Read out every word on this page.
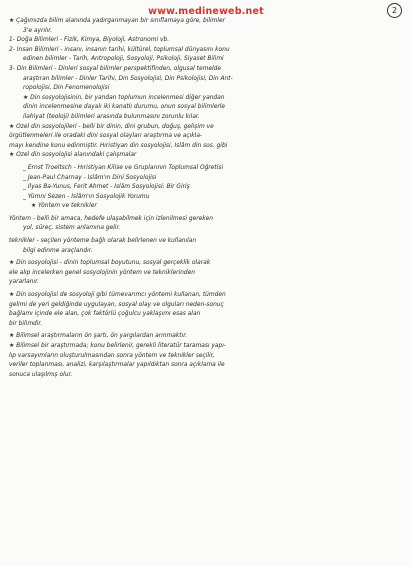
www.medineweb.net	2
★ Çağımızda bilim alanında yadırganmayan bir sınıflamaya göre, bilimler
3'e ayrılır.
1- Doğa Bilimleri - Fizik, Kimya, Biyoloji, Astronomi vb.
2- İnsan Bilimleri - insanı, insanın tarihi, kültürel, toplumsal dünyasını konu
edinen bilimler - Tarih, Antropoloji, Sosyoloji, Psikoloji, Siyaset Bilimi
3- Din Bilimleri - Dinleri sosyal bilimler perspektifinden, olgusal temelde
araştıran bilimler - Dinler Tarihi, Din Sosyolojisi, Din Psikolojisi, Din Ant-
ropolojisi, Din Fenomenolojisi
★ Din sosyolojisinin, bir yandan toplumun incelenmesi diğer yandan
dinin incelenmesine dayalı iki kanatlı durumu, onun sosyal bilimlerle
ilahiyat (teoloji) bilimleri arasında bulunmasını zorunlu kılar.
★ Özel din sosyolojileri - belli bir dinin, dini grubun, doğuş, gelişim ve
örgütlenmeleri ile oradaki dini sosyal olayları araştırma ve açıkla-
mayı kendine konu edinmiştir. Hıristiyan din sosyolojisi, İslâm din sos. gibi
★ Özel din sosyolojisi alanındaki çalışmalar
_ Ernst Troeltsch - Hıristiyan Kilise ve Gruplarının Toplumsal Öğretisi
_ Jean-Paul Charnay - İslâm'ın Dini Sosyolojisi
_ Ilyas Ba-Yunus, Ferit Ahmet - İslâm Sosyolojisi: Bir Giriş
_ Yümni Sezen - İslâm'ın Sosyolojik Yorumu
★ Yöntem ve teknikler
Yöntem - belli bir amaca, hedefe ulaşabilmek için izlenilmesi gereken
yol, süreç, sistem anlamına gelir.
teknikler - seçilen yönteme bağlı olarak belirlenen ve kullanılan
bilgi edinme araçlarıdır.
★ Din sosyolojisi - dinin toplumsal boyutunu, sosyal gerçeklik olarak
ele alıp incelerken genel sosyolojinin yöntem ve tekniklerinden
yararlanır.
★ Din sosyolojisi de sosyoloji gibi tümevarımcı yöntemi kullanan, tümden
gelimi de yeri geldiğinde uygulayan, sosyal olay ve olguları neden-sonuç
bağlamı içinde ele alan, çok faktörlü çoğulcu yaklaşımı esas alan
bir bilimdir.
★ Bilimsel araştırmaların ön şartı, ön yargılardan arınmaktır.
★ Bilimsel bir araştırmada; konu belirlenir, gerekli literatür taraması yapı-
lıp varsayımların oluşturulmasından sonra yöntem ve teknikler seçilir,
veriler toplanması, analizi, karşılaştırmalar yapıldıktan sonra açıklama ile
sonuca ulaşılmış olur.
